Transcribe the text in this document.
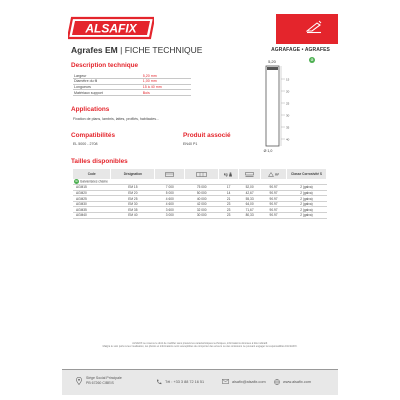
ALSAFIX
AGRAFAGE • AGRAFES
Agrafes EM | FICHE TECHNIQUE
Description technique
Largeur	5,20 mm
Diamètre du fil	1,00 mm
Longueurs	15 à 40 mm
Matériaux support	Bois
5,20
15
20
25
30
35
40
Ø 1,0
G
Applications
Fixation de plans, lambris, lattes, profilés, habitacles...
Compatibilités
EL 5000 - 2708
Produit associé
EN40 P1
Tailles disponibles
Code	Désignation			kg		m²	Classe Corrosivité S
G Galvanisées chaîne							
AGM15	EM 15	7 000	75 000	17	52,00	90.97	2 (galva)
AGM20	EM 20	5 000	50 000	14	42,67	90.97	2 (galva)
AGM25	EM 25	4 600	40 000	21	55,33	90.97	2 (galva)
AGM30	EM 30	4 600	42 000	23	64,00	90.97	2 (galva)
AGM35	EM 35	3 600	32 000	23	71,67	90.97	2 (galva)
AGM40	EM 40	3 000	30 000	23	80,33	90.97	2 (galva)
ALSAFIX se réserve le droit de modifier sans préavis les caractéristiques techniques, informations données à titre indicatif.
Malgré le soin porté à leur réalisation, les photos et informations sont susceptibles de comporter des erreurs ou des omissions ne pouvant engager la responsabilité d'ALSAFIX.
Siège Social Principale
PB 67260 CIBEIS	Tél : +33 3 88 72 16 51	alsafix@alsafix.com	www.alsafix.com
